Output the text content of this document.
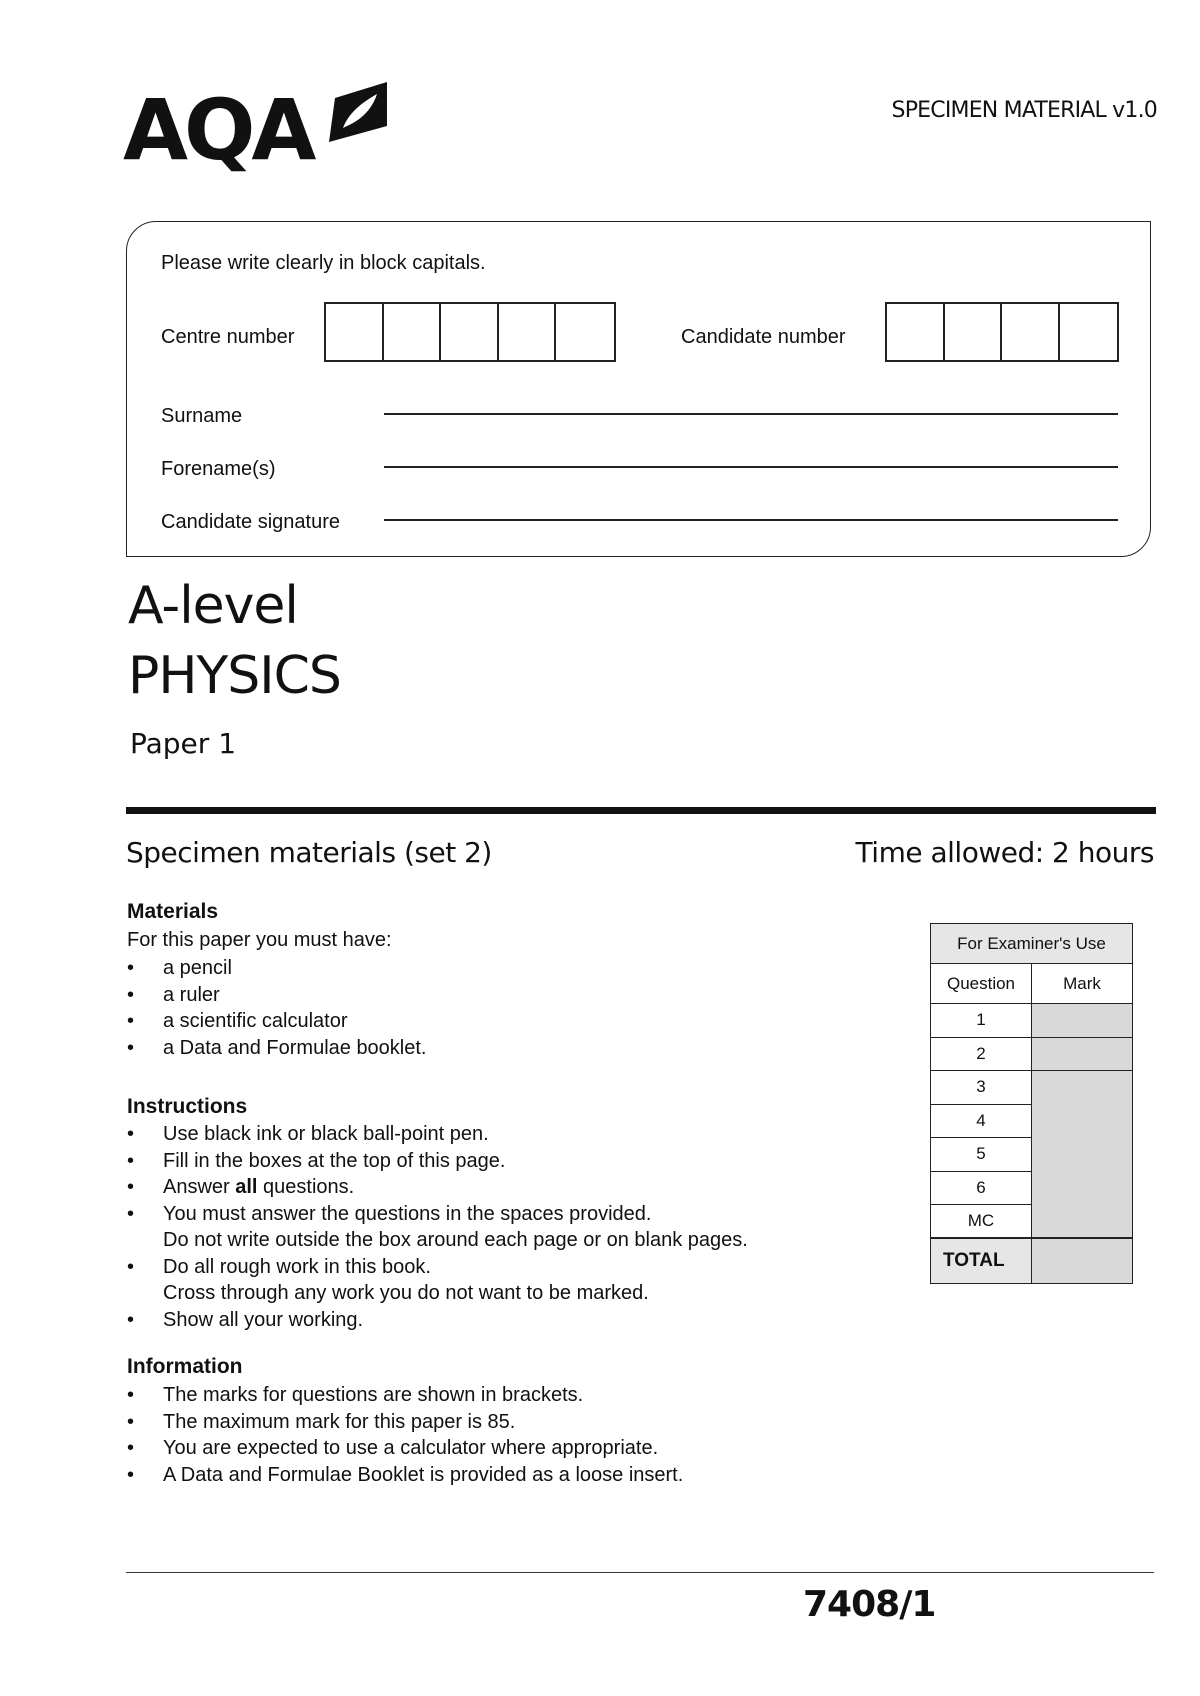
AQA	SPECIMEN MATERIAL v1.0
Please write clearly in block capitals.
Centre number	Candidate number
Surname
Forename(s)
Candidate signature
A-level
PHYSICS
Paper 1
Specimen materials (set 2)	Time allowed: 2 hours
Materials
For this paper you must have:
• a pencil
• a ruler
• a scientific calculator
• a Data and Formulae booklet.
Instructions
• Use black ink or black ball-point pen.
• Fill in the boxes at the top of this page.
• Answer all questions.
• You must answer the questions in the spaces provided.
Do not write outside the box around each page or on blank pages.
• Do all rough work in this book.
Cross through any work you do not want to be marked.
• Show all your working.
Information
• The marks for questions are shown in brackets.
• The maximum mark for this paper is 85.
• You are expected to use a calculator where appropriate.
• A Data and Formulae Booklet is provided as a loose insert.
For Examiner's Use	
Question	Mark
1	
2	
3	
4	
5	
6	
MC	
TOTAL	
7408/1
